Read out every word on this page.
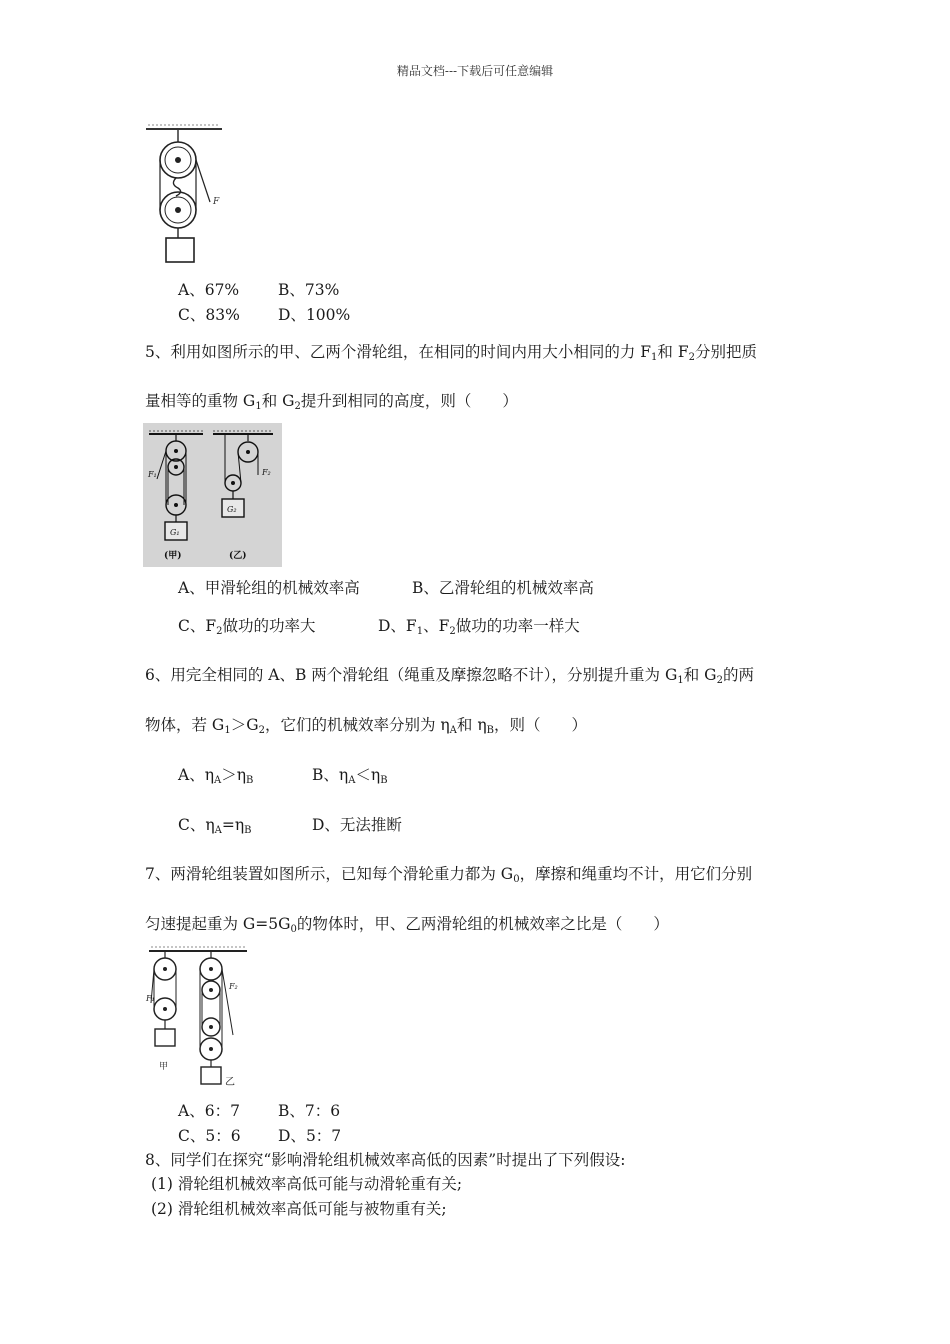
精品文档---下载后可任意编辑
F
A、67%	B、73%
C、83% D、100%
5、利用如图所示的甲、乙两个滑轮组，在相同的时间内用大小相同的力 $F_1$和 $F_2$分别把质
量相等的重物 $G_1$和 $G_2$提升到相同的高度，则（　　）
F₁
G₁
(甲)
F₂
G₂
(乙)
A、甲滑轮组的机械效率高	B、乙滑轮组的机械效率高
C、$F_2$做功的功率大	D、$F_1$、$F_2$做功的功率一样大
6、用完全相同的 A、B 两个滑轮组（绳重及摩擦忽略不计），分别提升重为 $G_1$和 $G_2$的两
物体，若 $G_1>G_2$，它们的机械效率分别为 $\eta_A$和 $\eta_B$，则（　　）
A、$\eta_A>\eta_B$	B、$\eta_A<\eta_B$
C、$\eta_A=\eta_B$	D、无法推断
7、两滑轮组装置如图所示，已知每个滑轮重力都为 $G_0$，摩擦和绳重均不计，用它们分别
匀速提起重为 $G=5G_0$的物体时，甲、乙两滑轮组的机械效率之比是（　　）
F₁
甲
F₂
乙
A、6：7 B、7：6
C、5：6 D、5：7
8、同学们在探究“影响滑轮组机械效率高低的因素”时提出了下列假设:
(1) 滑轮组机械效率高低可能与动滑轮重有关;
(2) 滑轮组机械效率高低可能与被物重有关;
